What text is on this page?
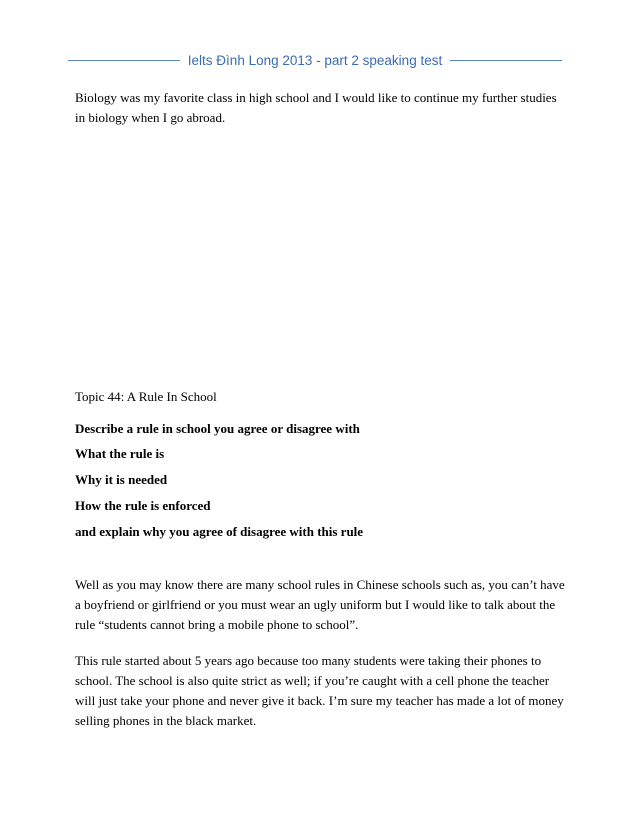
Ielts Đình Long 2013 - part 2 speaking test

Biology was my favorite class in high school and I would like to continue my further studies in biology when I go abroad.

Topic 44: A Rule In School

Describe a rule in school you agree or disagree with

What the rule is

Why it is needed

How the rule is enforced

and explain why you agree of disagree with this rule

Well as you may know there are many school rules in Chinese schools such as, you can’t have a boyfriend or girlfriend or you must wear an ugly uniform but I would like to talk about the rule “students cannot bring a mobile phone to school”.

This rule started about 5 years ago because too many students were taking their phones to school. The school is also quite strict as well; if you’re caught with a cell phone the teacher will just take your phone and never give it back. I’m sure my teacher has made a lot of money selling phones in the black market.
